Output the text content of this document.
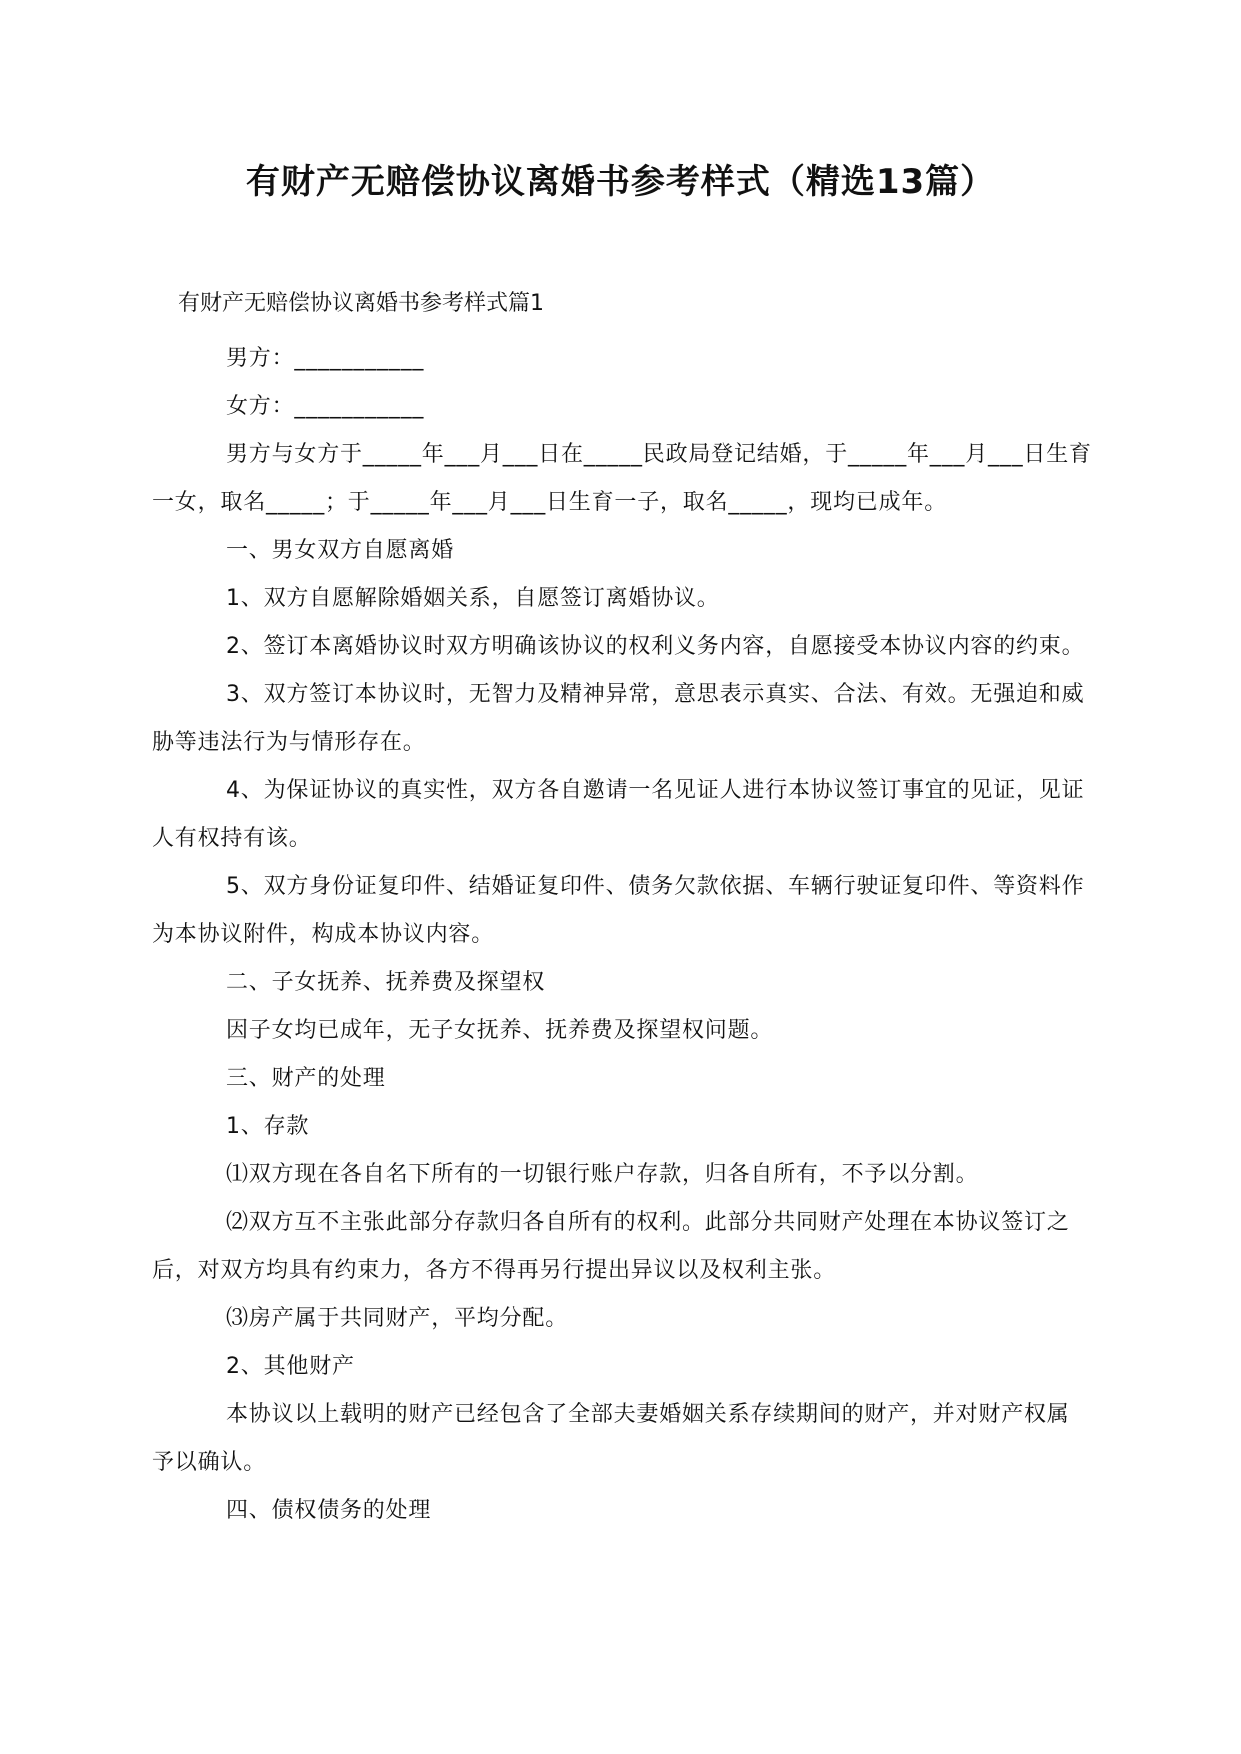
有财产无赔偿协议离婚书参考样式（精选13篇）
有财产无赔偿协议离婚书参考样式篇1

男方：___________

女方：___________

男方与女方于_____年___月___日在_____民政局登记结婚，于_____年___月___日生育一女，取名_____；于_____年___月___日生育一子，取名_____，现均已成年。

一、男女双方自愿离婚

1、双方自愿解除婚姻关系，自愿签订离婚协议。

2、签订本离婚协议时双方明确该协议的权利义务内容，自愿接受本协议内容的约束。

3、双方签订本协议时，无智力及精神异常，意思表示真实、合法、有效。无强迫和威胁等违法行为与情形存在。

4、为保证协议的真实性，双方各自邀请一名见证人进行本协议签订事宜的见证，见证人有权持有该。

5、双方身份证复印件、结婚证复印件、债务欠款依据、车辆行驶证复印件、等资料作为本协议附件，构成本协议内容。

二、子女抚养、抚养费及探望权

因子女均已成年，无子女抚养、抚养费及探望权问题。

三、财产的处理

1、存款

⑴双方现在各自名下所有的一切银行账户存款，归各自所有，不予以分割。

⑵双方互不主张此部分存款归各自所有的权利。此部分共同财产处理在本协议签订之后，对双方均具有约束力，各方不得再另行提出异议以及权利主张。

⑶房产属于共同财产，平均分配。

2、其他财产

本协议以上载明的财产已经包含了全部夫妻婚姻关系存续期间的财产，并对财产权属予以确认。

四、债权债务的处理
